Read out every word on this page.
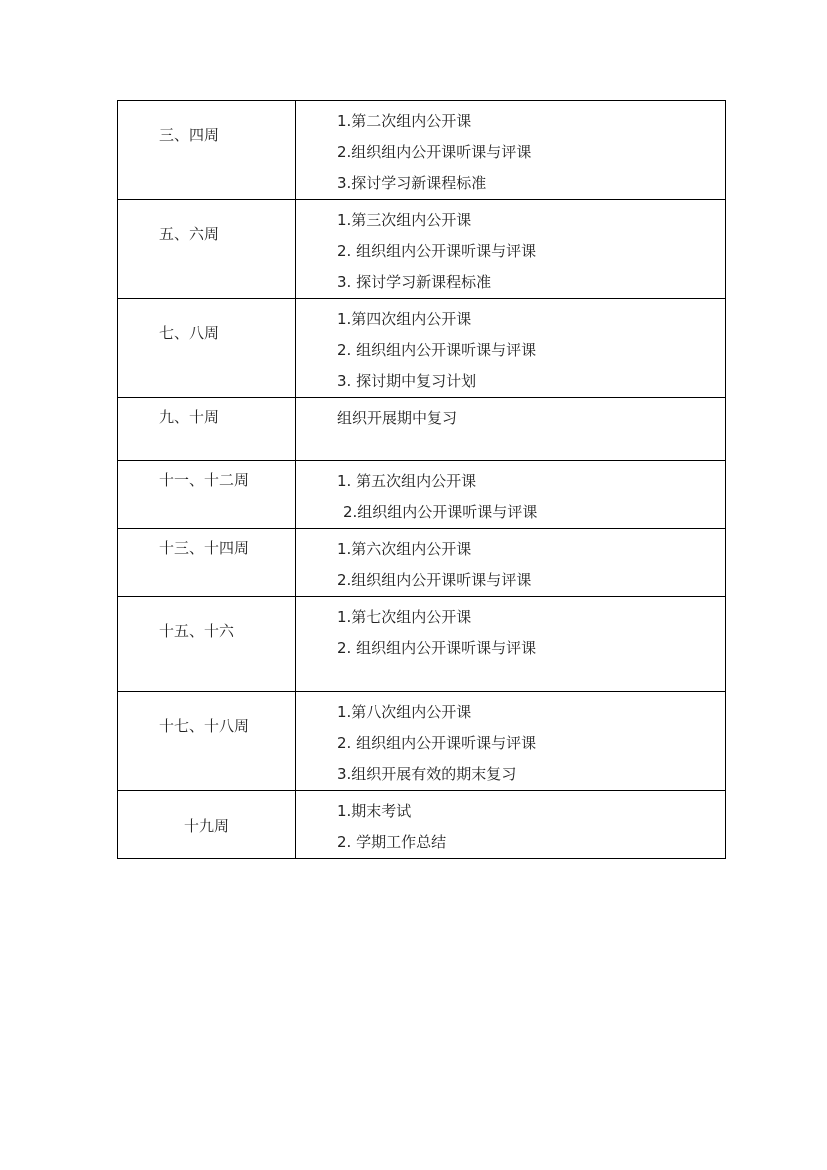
三、四周	1.第二次组内公开课
2.组织组内公开课听课与评课
3.探讨学习新课程标准

五、六周	1.第三次组内公开课
2. 组织组内公开课听课与评课
3. 探讨学习新课程标准

七、八周	1.第四次组内公开课
2. 组织组内公开课听课与评课
3. 探讨期中复习计划

九、十周	组织开展期中复习

十一、十二周	1. 第五次组内公开课
2.组织组内公开课听课与评课

十三、十四周	1.第六次组内公开课
2.组织组内公开课听课与评课

十五、十六	1.第七次组内公开课
2. 组织组内公开课听课与评课

十七、十八周	1.第八次组内公开课
2. 组织组内公开课听课与评课
3.组织开展有效的期末复习

十九周	1.期末考试
2. 学期工作总结
